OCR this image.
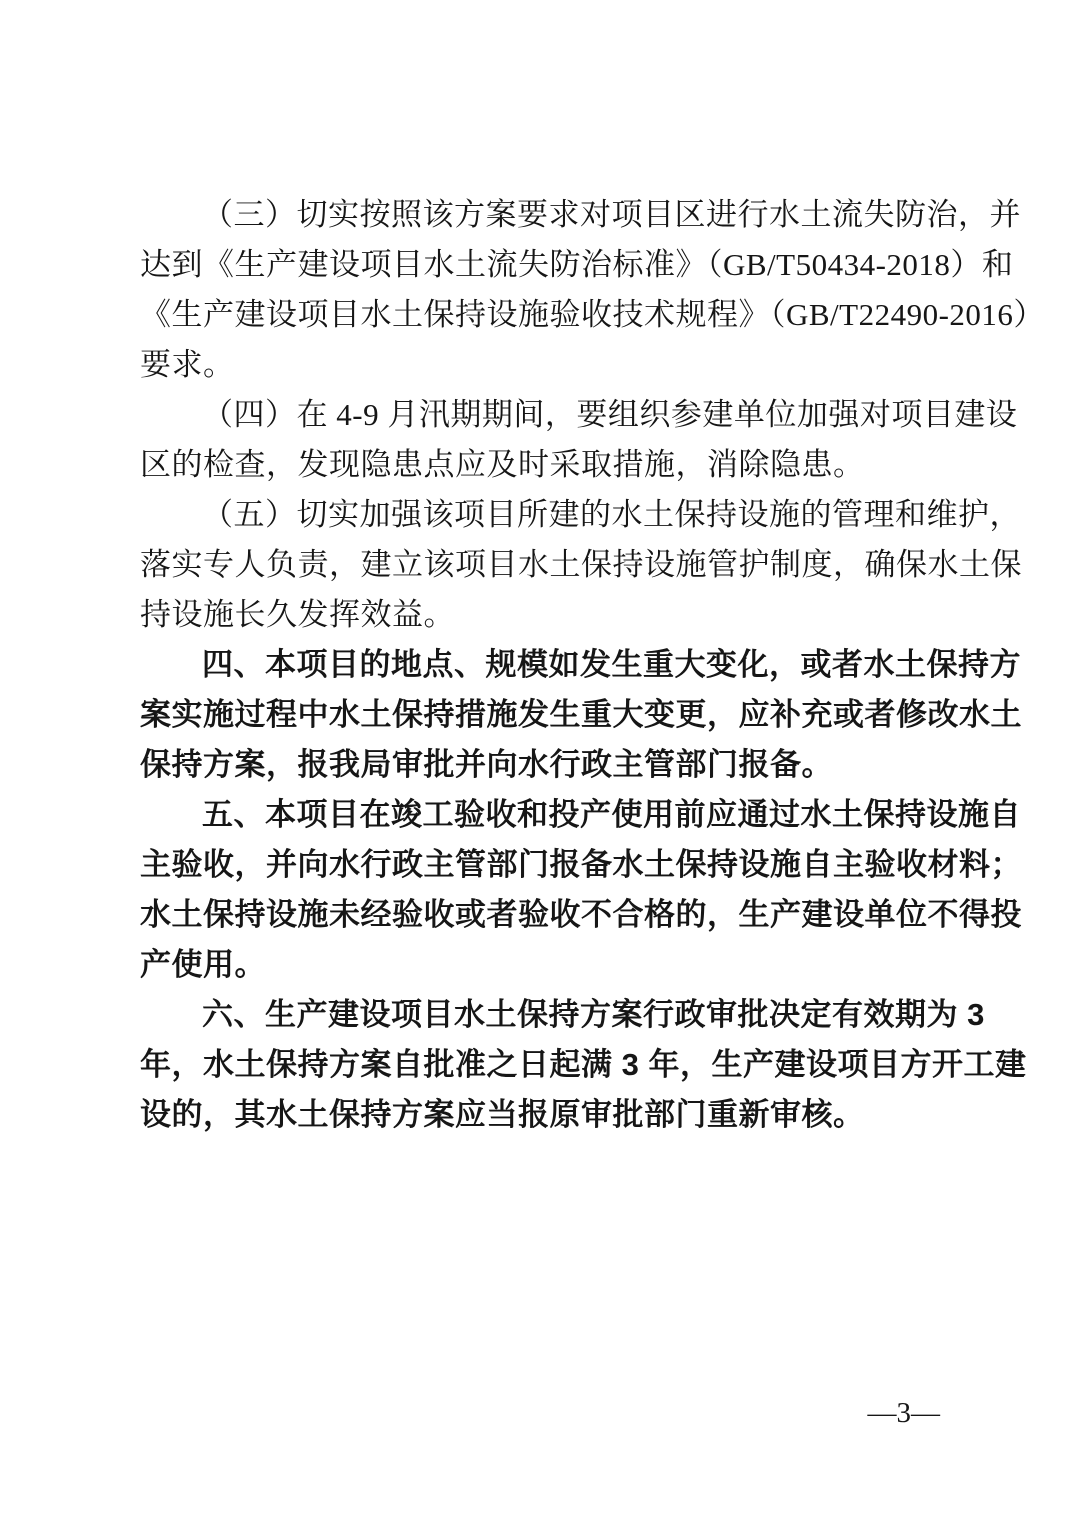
（三）切实按照该方案要求对项目区进行水土流失防治，并
达到《生产建设项目水土流失防治标准》（GB/T50434-2018）和
《生产建设项目水土保持设施验收技术规程》（GB/T22490-2016）
要求。
（四）在 4-9 月汛期期间，要组织参建单位加强对项目建设
区的检查，发现隐患点应及时采取措施，消除隐患。
（五）切实加强该项目所建的水土保持设施的管理和维护，
落实专人负责，建立该项目水土保持设施管护制度，确保水土保
持设施长久发挥效益。
四、本项目的地点、规模如发生重大变化，或者水土保持方
案实施过程中水土保持措施发生重大变更，应补充或者修改水土
保持方案，报我局审批并向水行政主管部门报备。
五、本项目在竣工验收和投产使用前应通过水土保持设施自
主验收，并向水行政主管部门报备水土保持设施自主验收材料；
水土保持设施未经验收或者验收不合格的，生产建设单位不得投
产使用。
六、生产建设项目水土保持方案行政审批决定有效期为 3
年，水土保持方案自批准之日起满 3 年，生产建设项目方开工建
设的，其水土保持方案应当报原审批部门重新审核。
—3—
